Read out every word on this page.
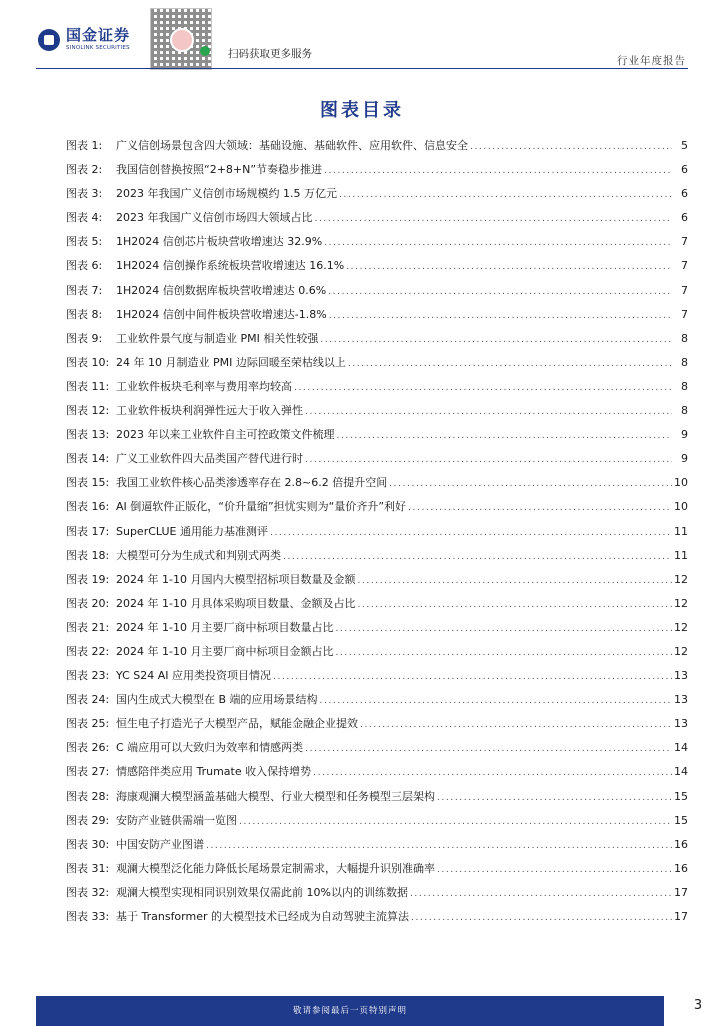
国金证券
SINOLINK SECURITIES	扫码获取更多服务
行业年度报告
图表目录
图表 1:	广义信创场景包含四大领域：基础设施、基础软件、应用软件、信息安全 .....	5
图表 2:	我国信创替换按照“2+8+N”节奏稳步推进 .....	6
图表 3:	2023 年我国广义信创市场规模约 1.5 万亿元 .....	6
图表 4:	2023 年我国广义信创市场四大领域占比 .....	6
图表 5:	1H2024 信创芯片板块营收增速达 32.9% .....	7
图表 6:	1H2024 信创操作系统板块营收增速达 16.1% .....	7
图表 7:	1H2024 信创数据库板块营收增速达 0.6% .....	7
图表 8:	1H2024 信创中间件板块营收增速达-1.8% .....	7
图表 9:	工业软件景气度与制造业 PMI 相关性较强 .....	8
图表 10: 24 年 10 月制造业 PMI 边际回暖至荣枯线以上 .....	8
图表 11: 工业软件板块毛利率与费用率均较高 .....	8
图表 12: 工业软件板块利润弹性远大于收入弹性 .....	8
图表 13: 2023 年以来工业软件自主可控政策文件梳理 .....	9
图表 14: 广义工业软件四大品类国产替代进行时 .....	9
图表 15: 我国工业软件核心品类渗透率存在 2.8~6.2 倍提升空间 .....	10
图表 16: AI 倒逼软件正版化，“价升量缩”担忧实则为“量价齐升”利好 .....	10
图表 17: SuperCLUE 通用能力基准测评 .....	11
图表 18: 大模型可分为生成式和判别式两类 .....	11
图表 19: 2024 年 1-10 月国内大模型招标项目数量及金额 .....	12
图表 20: 2024 年 1-10 月具体采购项目数量、金额及占比 .....	12
图表 21: 2024 年 1-10 月主要厂商中标项目数量占比 .....	12
图表 22: 2024 年 1-10 月主要厂商中标项目金额占比 .....	12
图表 23: YC S24 AI 应用类投资项目情况 .....	13
图表 24: 国内生成式大模型在 B 端的应用场景结构 .....	13
图表 25: 恒生电子打造光子大模型产品，赋能金融企业提效 .....	13
图表 26: C 端应用可以大致归为效率和情感两类 .....	14
图表 27: 情感陪伴类应用 Trumate 收入保持增势 .....	14
图表 28: 海康观澜大模型涵盖基础大模型、行业大模型和任务模型三层架构 .....	15
图表 29: 安防产业链供需端一览图 .....	15
图表 30: 中国安防产业图谱 .....	16
图表 31: 观澜大模型泛化能力降低长尾场景定制需求，大幅提升识别准确率 .....	16
图表 32: 观澜大模型实现相同识别效果仅需此前 10%以内的训练数据 .....	17
图表 33: 基于 Transformer 的大模型技术已经成为自动驾驶主流算法 .....	17
敬请参阅最后一页特别声明	3
